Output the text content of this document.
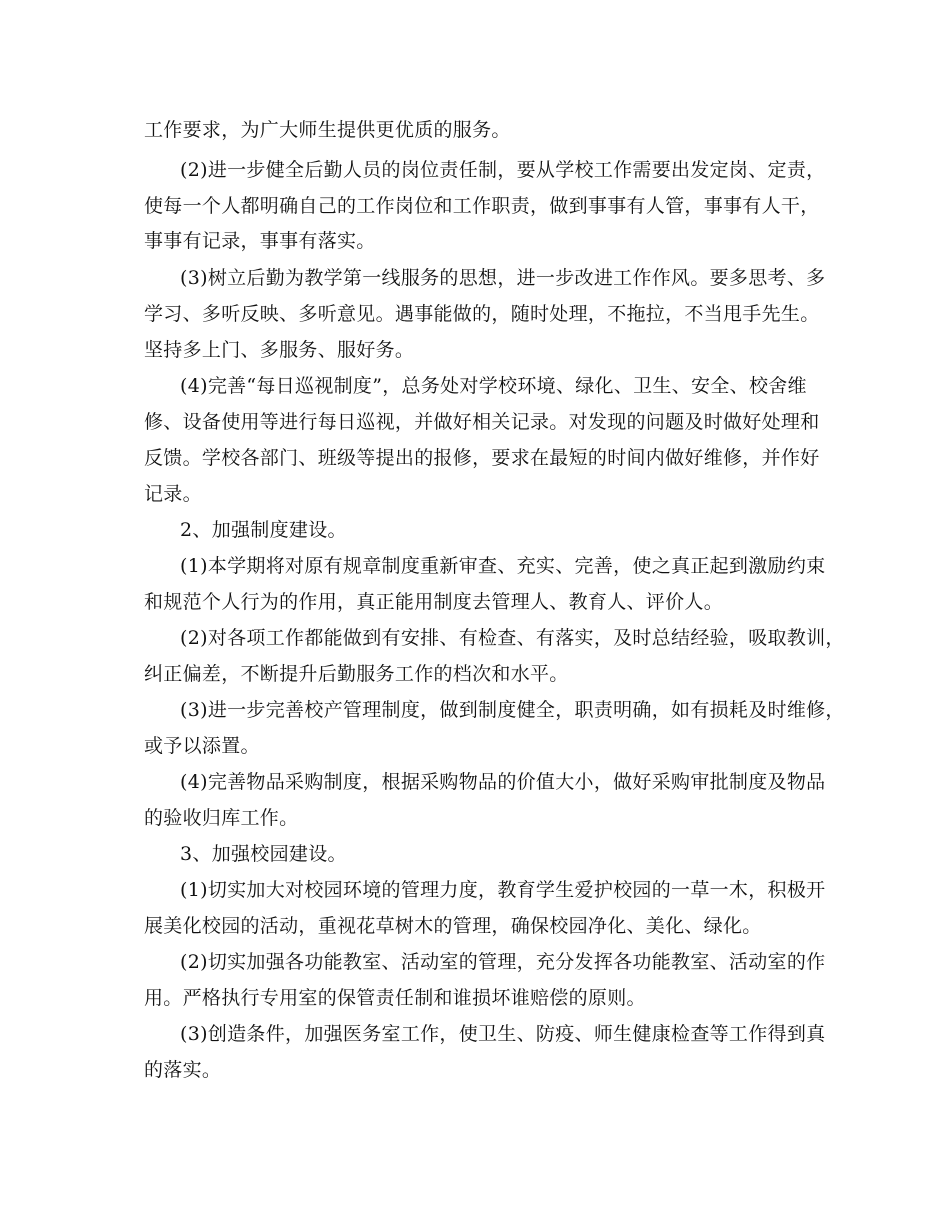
工作要求，为广大师生提供更优质的服务。
(2)进一步健全后勤人员的岗位责任制，要从学校工作需要出发定岗、定责，
使每一个人都明确自己的工作岗位和工作职责，做到事事有人管，事事有人干，
事事有记录，事事有落实。
(3)树立后勤为教学第一线服务的思想，进一步改进工作作风。要多思考、多
学习、多听反映、多听意见。遇事能做的，随时处理，不拖拉，不当甩手先生。
坚持多上门、多服务、服好务。
(4)完善“每日巡视制度”，总务处对学校环境、绿化、卫生、安全、校舍维
修、设备使用等进行每日巡视，并做好相关记录。对发现的问题及时做好处理和
反馈。学校各部门、班级等提出的报修，要求在最短的时间内做好维修，并作好
记录。
2、加强制度建设。
(1)本学期将对原有规章制度重新审查、充实、完善，使之真正起到激励约束
和规范个人行为的作用，真正能用制度去管理人、教育人、评价人。
(2)对各项工作都能做到有安排、有检查、有落实，及时总结经验，吸取教训，
纠正偏差，不断提升后勤服务工作的档次和水平。
(3)进一步完善校产管理制度，做到制度健全，职责明确，如有损耗及时维修，
或予以添置。
(4)完善物品采购制度，根据采购物品的价值大小，做好采购审批制度及物品
的验收归库工作。
3、加强校园建设。
(1)切实加大对校园环境的管理力度，教育学生爱护校园的一草一木，积极开
展美化校园的活动，重视花草树木的管理，确保校园净化、美化、绿化。
(2)切实加强各功能教室、活动室的管理，充分发挥各功能教室、活动室的作
用。严格执行专用室的保管责任制和谁损坏谁赔偿的原则。
(3)创造条件，加强医务室工作，使卫生、防疫、师生健康检查等工作得到真
的落实。
